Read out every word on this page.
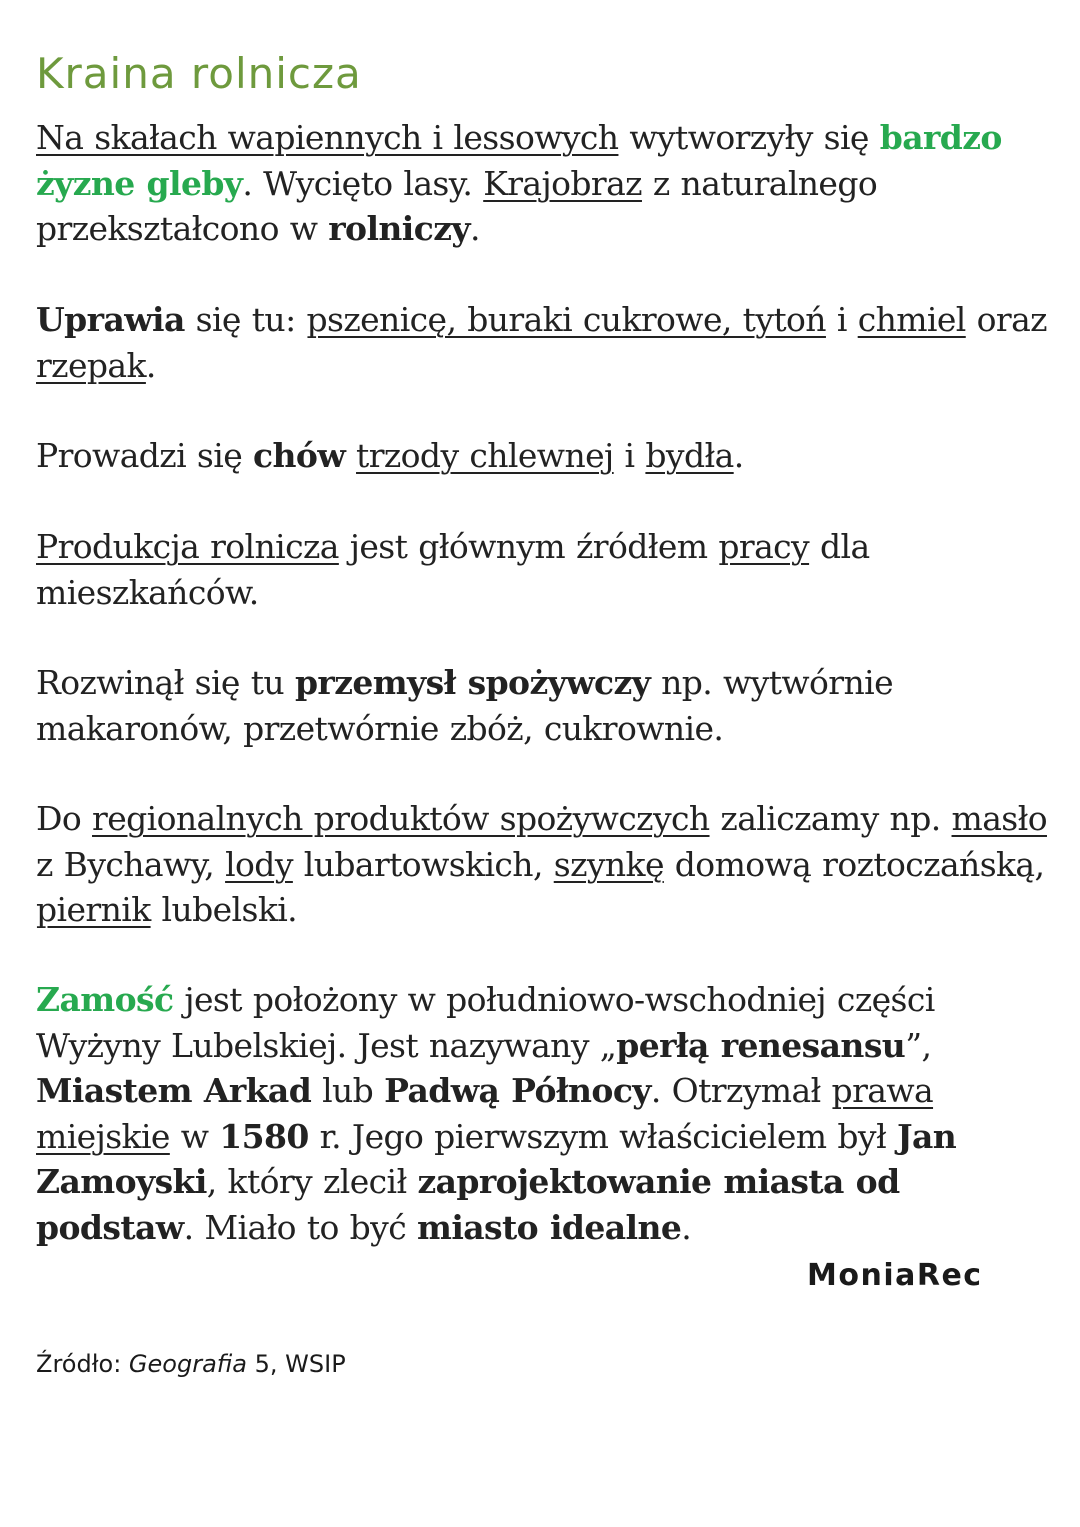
Kraina rolnicza

Na skałach wapiennych i lessowych wytworzyły się bardzo żyzne gleby. Wycięto lasy. Krajobraz z naturalnego przekształcono w rolniczy.

Uprawia się tu: pszenicę, buraki cukrowe, tytoń i chmiel oraz rzepak.

Prowadzi się chów trzody chlewnej i bydła.

Produkcja rolnicza jest głównym źródłem pracy dla mieszkańców.

Rozwinął się tu przemysł spożywczy np. wytwórnie makaronów, przetwórnie zbóż, cukrownie.

Do regionalnych produktów spożywczych zaliczamy np. masło z Bychawy, lody lubartowskich, szynkę domową roztoczańską, piernik lubelski.

Zamość jest położony w południowo-wschodniej części Wyżyny Lubelskiej. Jest nazywany „perłą renesansu”, Miastem Arkad lub Padwą Północy. Otrzymał prawa miejskie w 1580 r. Jego pierwszym właścicielem był Jan Zamoyski, który zlecił zaprojektowanie miasta od podstaw. Miało to być miasto idealne.

MoniaRec

Źródło: Geografia 5, WSIP
